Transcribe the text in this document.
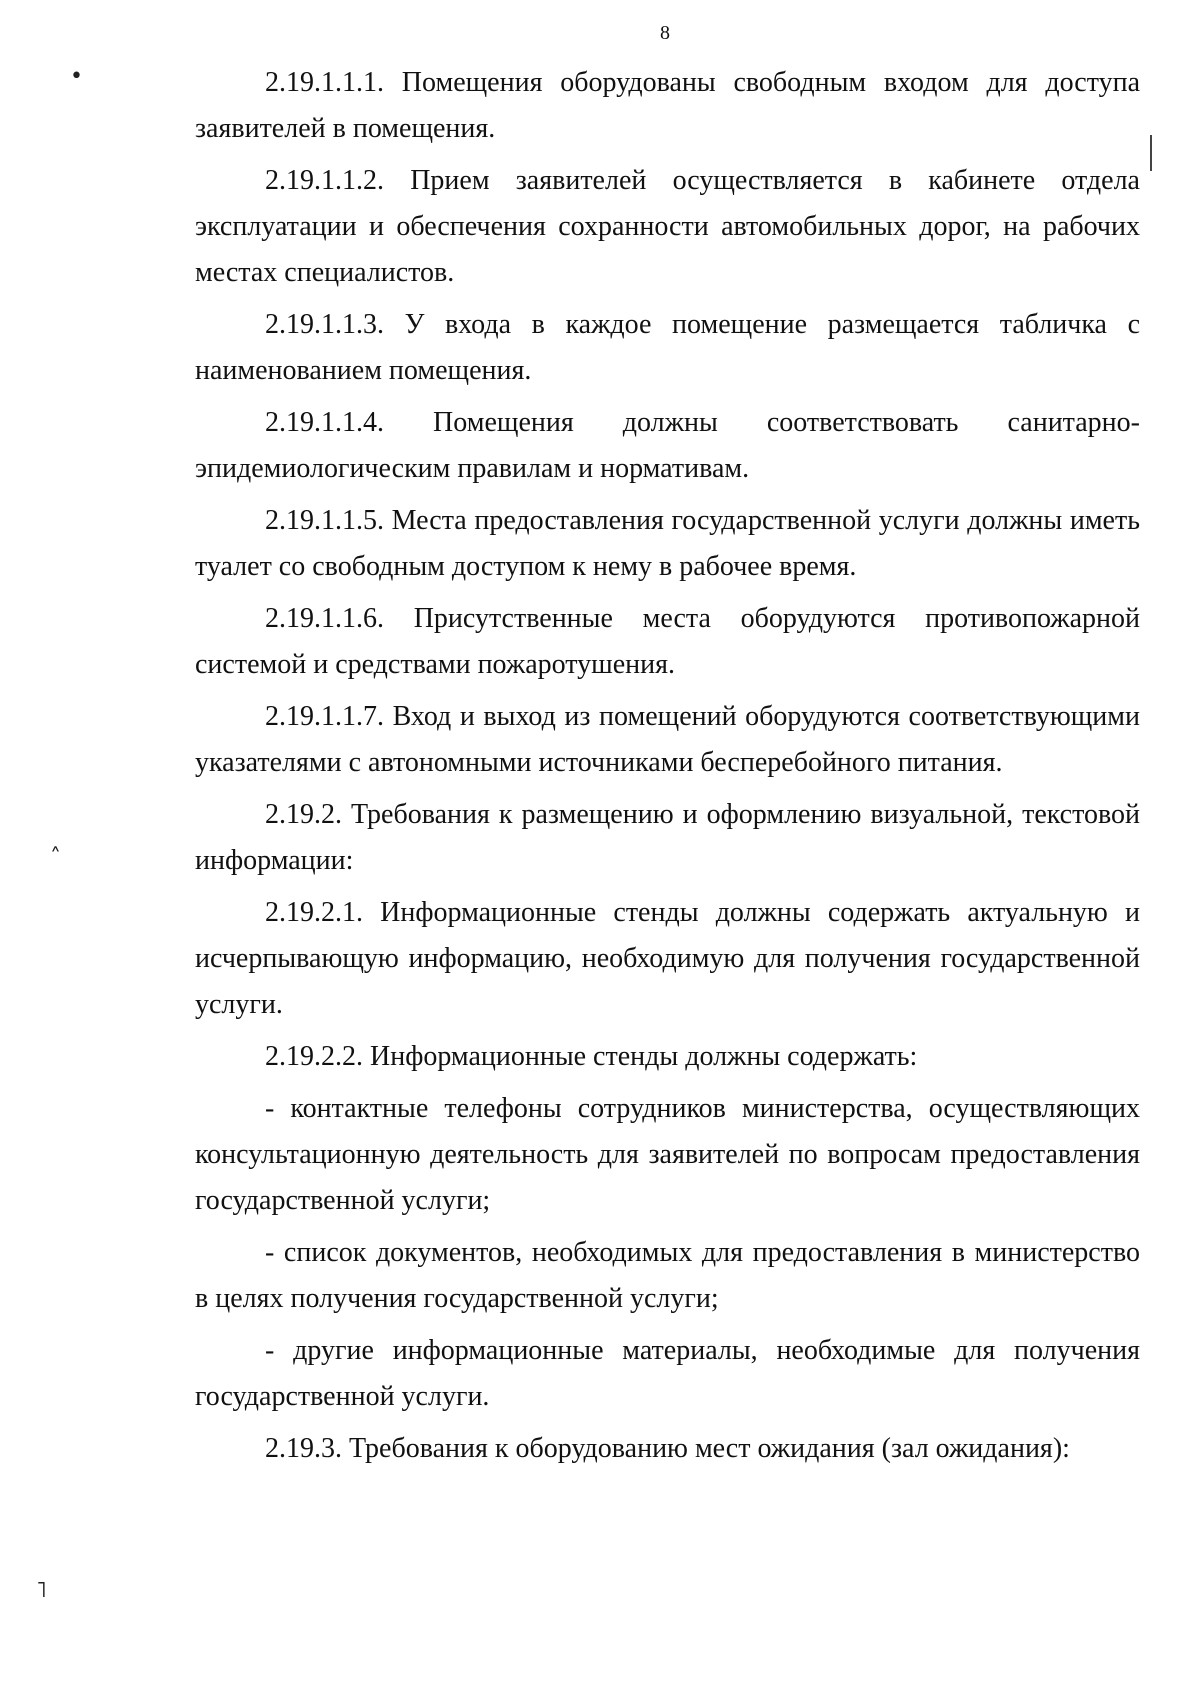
8
•
˄
˥

2.19.1.1.1. Помещения оборудованы свободным входом для доступа заявителей в помещения.

2.19.1.1.2. Прием заявителей осуществляется в кабинете отдела эксплуатации и обеспечения сохранности автомобильных дорог, на рабочих местах специалистов.

2.19.1.1.3. У входа в каждое помещение размещается табличка с наименованием помещения.

2.19.1.1.4. Помещения должны соответствовать санитарно-эпидемиологическим правилам и нормативам.

2.19.1.1.5. Места предоставления государственной услуги должны иметь туалет со свободным доступом к нему в рабочее время.

2.19.1.1.6. Присутственные места оборудуются противопожарной системой и средствами пожаротушения.

2.19.1.1.7. Вход и выход из помещений оборудуются соответствующими указателями с автономными источниками бесперебойного питания.

2.19.2. Требования к размещению и оформлению визуальной, текстовой информации:

2.19.2.1. Информационные стенды должны содержать актуальную и исчерпывающую информацию, необходимую для получения государственной услуги.

2.19.2.2. Информационные стенды должны содержать:

- контактные телефоны сотрудников министерства, осуществляющих консультационную деятельность для заявителей по вопросам предоставления государственной услуги;

- список документов, необходимых для предоставления в министерство в целях получения государственной услуги;

- другие информационные материалы, необходимые для получения государственной услуги.

2.19.3. Требования к оборудованию мест ожидания (зал ожидания):
